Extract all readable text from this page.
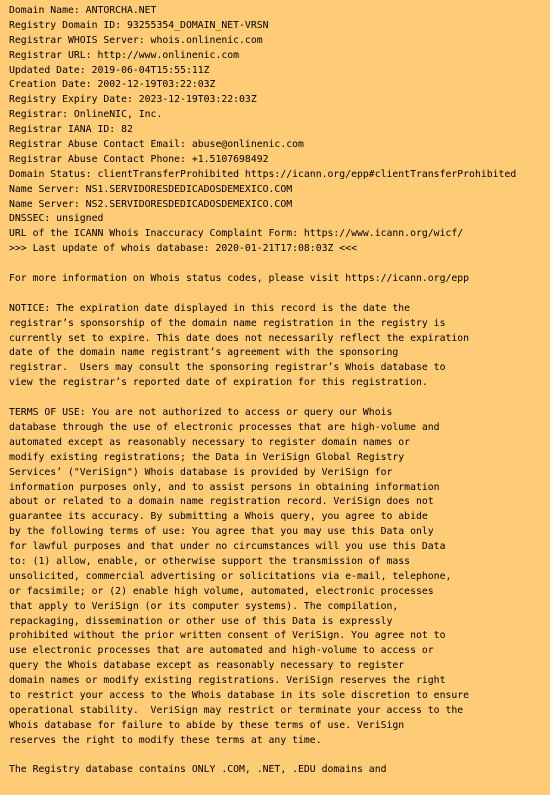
Domain Name: ANTORCHA.NET
Registry Domain ID: 93255354_DOMAIN_NET-VRSN
Registrar WHOIS Server: whois.onlinenic.com
Registrar URL: http://www.onlinenic.com
Updated Date: 2019-06-04T15:55:11Z
Creation Date: 2002-12-19T03:22:03Z
Registry Expiry Date: 2023-12-19T03:22:03Z
Registrar: OnlineNIC, Inc.
Registrar IANA ID: 82
Registrar Abuse Contact Email: abuse@onlinenic.com
Registrar Abuse Contact Phone: +1.5107698492
Domain Status: clientTransferProhibited https://icann.org/epp#clientTransferProhibited
Name Server: NS1.SERVIDORESDEDICADOSDEMEXICO.COM
Name Server: NS2.SERVIDORESDEDICADOSDEMEXICO.COM
DNSSEC: unsigned
URL of the ICANN Whois Inaccuracy Complaint Form: https://www.icann.org/wicf/
>>> Last update of whois database: 2020-01-21T17:08:03Z <<<
For more information on Whois status codes, please visit https://icann.org/epp
NOTICE: The expiration date displayed in this record is the date the
registrar’s sponsorship of the domain name registration in the registry is
currently set to expire. This date does not necessarily reflect the expiration
date of the domain name registrant’s agreement with the sponsoring
registrar.  Users may consult the sponsoring registrar’s Whois database to
view the registrar’s reported date of expiration for this registration.
TERMS OF USE: You are not authorized to access or query our Whois
database through the use of electronic processes that are high-volume and
automated except as reasonably necessary to register domain names or
modify existing registrations; the Data in VeriSign Global Registry
Services’ ("VeriSign") Whois database is provided by VeriSign for
information purposes only, and to assist persons in obtaining information
about or related to a domain name registration record. VeriSign does not
guarantee its accuracy. By submitting a Whois query, you agree to abide
by the following terms of use: You agree that you may use this Data only
for lawful purposes and that under no circumstances will you use this Data
to: (1) allow, enable, or otherwise support the transmission of mass
unsolicited, commercial advertising or solicitations via e-mail, telephone,
or facsimile; or (2) enable high volume, automated, electronic processes
that apply to VeriSign (or its computer systems). The compilation,
repackaging, dissemination or other use of this Data is expressly
prohibited without the prior written consent of VeriSign. You agree not to
use electronic processes that are automated and high-volume to access or
query the Whois database except as reasonably necessary to register
domain names or modify existing registrations. VeriSign reserves the right
to restrict your access to the Whois database in its sole discretion to ensure
operational stability.  VeriSign may restrict or terminate your access to the
Whois database for failure to abide by these terms of use. VeriSign
reserves the right to modify these terms at any time.
The Registry database contains ONLY .COM, .NET, .EDU domains and
